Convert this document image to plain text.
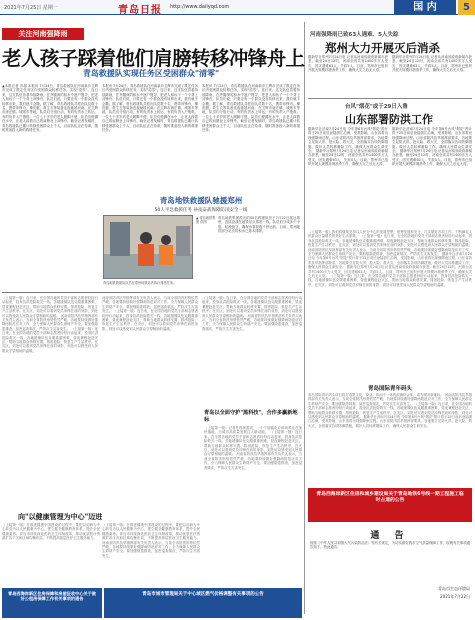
2021年7月25日 星期一	青岛日报 http://www.dailyqd.com	国 内	5
关注河南强降雨
老人孩子踩着他们肩膀转移冲锋舟上
青岛救援队实现任务区受困群众"清零"
▲本报记者 冯超 本报讯 7月24日，青岛救援队在河南新乡卫辉市完成了既定任务区内受困群众转移任务，实现"清零"。连日来，这支队伍冒着持续降雨，在齐腰深的积水中逐户搜寻，把老人和孩子一个个背上冲锋舟。队员们说，只要还有一个群众没有转移出来，我们就不会撤。据了解，青岛救援队共派出队员数十名，携带冲锋舟、橡皮艇、救生衣等装备连夜驰援河南。在卫辉市唐庄镇、城郊乡等地，队员们分组行动，有的负责水上转运，有的负责入户搜救。一位七十多岁的老人腿脚不便，队员们便蹲在水中，让老人踩着自己的肩膀登上冲锋舟。截至记者发稿时，青岛救援队已累计转移受困群众上千人，目前队伍正在待命，随时准备投入新的救援任务。
本报讯 7月24日，青岛救援队在河南新乡卫辉市完成了既定任务区内受困群众转移任务，实现"清零"。连日来，这支队伍冒着持续降雨，在齐腰深的积水中逐户搜寻，把老人和孩子一个个背上冲锋舟。队员们说，只要还有一个群众没有转移出来，我们就不会撤。据了解，青岛救援队共派出队员数十名，携带冲锋舟、橡皮艇、救生衣等装备连夜驰援河南。在卫辉市唐庄镇、城郊乡等地，队员们分组行动，有的负责水上转运，有的负责入户搜救。一位七十多岁的老人腿脚不便，队员们便蹲在水中，让老人踩着自己的肩膀登上冲锋舟。截至记者发稿时，青岛救援队已累计转移受困群众上千人，目前队伍正在待命，随时准备投入新的救援任务。
本报讯 7月24日，青岛救援队在河南新乡卫辉市完成了既定任务区内受困群众转移任务，实现"清零"。连日来，这支队伍冒着持续降雨，在齐腰深的积水中逐户搜寻，把老人和孩子一个个背上冲锋舟。队员们说，只要还有一个群众没有转移出来，我们就不会撤。据了解，青岛救援队共派出队员数十名，携带冲锋舟、橡皮艇、救生衣等装备连夜驰援河南。在卫辉市唐庄镇、城郊乡等地，队员们分组行动，有的负责水上转运，有的负责入户搜救。一位七十多岁的老人腿脚不便，队员们便蹲在水中，让老人踩着自己的肩膀登上冲锋舟。截至记者发稿时，青岛救援队已累计转移受困群众上千人，目前队伍正在待命，随时准备投入新的救援任务。
青岛地铁救援队驰援郑州
50人平急救援任务 昼夜奋战保障防汛安全一线
▲ 青岛地铁集团 供图
青岛地铁集团派出的50名救援队员于7月22日抵达郑州，连续奋战在地铁站点排涝一线。队员们分成多个小组，轮流值守，确保水泵昼夜不停运转。目前，郑州地铁部分站点的积水已基本排除。
青岛地铁救援队队员在郑州地铁站内执行排涝任务。
（上接第一版）连日来，在全国各地的党员干部和志愿者纷纷行动起来，投身抗洪抢险救灾一线。各地援豫队伍克服重重困难，昼夜兼程赶赴灾区，帮助当地群众转移安置、排涝抢险、恢复生产生活秩序。在灾区，到处可以看到党员冲锋在前的身影，到处可以感受到人民群众守望相助的温暖。 河南省防汛抗旱指挥部有关负责人表示，当前全省防汛形势依然严峻，各地要持续做好强降雨防范应对工作，全力保障人民群众生命财产安全。要加强隐患排查，加密巡查频次，严防次生灾害发生。 （上接第一版）连日来，在全国各地的党员干部和志愿者纷纷行动起来，投身抗洪抢险救灾一线。各地援豫队伍克服重重困难，昼夜兼程赶赴灾区，帮助当地群众转移安置、排涝抢险、恢复生产生活秩序。在灾区，到处可以看到党员冲锋在前的身影，到处可以感受到人民群众守望相助的温暖。
河南省防汛抗旱指挥部有关负责人表示，当前全省防汛形势依然严峻，各地要持续做好强降雨防范应对工作，全力保障人民群众生命财产安全。要加强隐患排查，加密巡查频次，严防次生灾害发生。 （上接第一版）连日来，在全国各地的党员干部和志愿者纷纷行动起来，投身抗洪抢险救灾一线。各地援豫队伍克服重重困难，昼夜兼程赶赴灾区，帮助当地群众转移安置、排涝抢险、恢复生产生活秩序。在灾区，到处可以看到党员冲锋在前的身影，到处可以感受到人民群众守望相助的温暖。
（上接第一版）连日来，在全国各地的党员干部和志愿者纷纷行动起来，投身抗洪抢险救灾一线。各地援豫队伍克服重重困难，昼夜兼程赶赴灾区，帮助当地群众转移安置、排涝抢险、恢复生产生活秩序。在灾区，到处可以看到党员冲锋在前的身影，到处可以感受到人民群众守望相助的温暖。 河南省防汛抗旱指挥部有关负责人表示，当前全省防汛形势依然严峻，各地要持续做好强降雨防范应对工作，全力保障人民群众生命财产安全。要加强隐患排查，加密巡查频次，严防次生灾害发生。
向"以健康管理为中心"迈进
（上接第一版）在推进健康中国建设的过程中，要把以治病为中心转变为以人民健康为中心，建立健全健康教育体系，提升全民健康素养。青岛市持续深化医药卫生体制改革，推动优质医疗资源扩容下沉和区域均衡布局，不断提高基层医疗卫生服务能力。
（上接第一版）在推进健康中国建设的过程中，要把以治病为中心转变为以人民健康为中心，建立健全健康教育体系，提升全民健康素养。青岛市持续深化医药卫生体制改革，推动优质医疗资源扩容下沉和区域均衡布局，不断提高基层医疗卫生服务能力。 河南省防汛抗旱指挥部有关负责人表示，当前全省防汛形势依然严峻，各地要持续做好强降雨防范应对工作，全力保障人民群众生命财产安全。要加强隐患排查，加密巡查频次，严防次生灾害发生。
青岛以全面守护"黑科技"，合作多赢新地标
（上接第一版）记者在现场看到，一个个智能化应用场景正在加快落地，为城市高质量发展注入新动能。 （上接第一版）连日来，在全国各地的党员干部和志愿者纷纷行动起来，投身抗洪抢险救灾一线。各地援豫队伍克服重重困难，昼夜兼程赶赴灾区，帮助当地群众转移安置、排涝抢险、恢复生产生活秩序。在灾区，到处可以看到党员冲锋在前的身影，到处可以感受到人民群众守望相助的温暖。 河南省防汛抗旱指挥部有关负责人表示，当前全省防汛形势依然严峻，各地要持续做好强降雨防范应对工作，全力保障人民群众生命财产安全。要加强隐患排查，加密巡查频次，严防次生灾害发生。
青岛西海岸新区住房保障和房屋征收中心关于做好公租房保障工作有关事项的通告
青岛市城市管理局关于中心城区燃气价格调整有关事项的公告
河南强降雨已致63人遇难、5人失踪
郑州大力开展灭后消杀
据新华社郑州7月24日电 记者从河南省政府新闻办获悉，截至24日12时，河南全省共有1400多万人受灾，因灾遇难63人，失踪5人。目前，郑州市已组织开展大规模环境消杀工作，确保大灾之后无大疫。
据新华社郑州7月24日电 记者从河南省政府新闻办获悉，截至24日12时，河南全省共有1400多万人受灾，因灾遇难63人，失踪5人。目前，郑州市已组织开展大规模环境消杀工作，确保大灾之后无大疫。
台风"烟花"或于29日入鲁
山东部署防洪工作
据新华社济南7月24日电 今年第6号台风"烟花"预计将于25日前后登陆浙江沿海，受其影响，山东省将出现强降雨过程。山东省防汛抗旱指挥部要求，各地要立足防大汛、抢大险、救大灾，全面落实各项防御措施，做好人员转移避险工作，确保人民群众生命安全。 据新华社郑州7月24日电 记者从河南省政府新闻办获悉，截至24日12时，河南全省共有1400多万人受灾，因灾遇难63人，失踪5人。目前，郑州市已组织开展大规模环境消杀工作，确保大灾之后无大疫。
据新华社济南7月24日电 今年第6号台风"烟花"预计将于25日前后登陆浙江沿海，受其影响，山东省将出现强降雨过程。山东省防汛抗旱指挥部要求，各地要立足防大汛、抢大险、救大灾，全面落实各项防御措施，做好人员转移避险工作，确保人民群众生命安全。 据新华社郑州7月24日电 记者从河南省政府新闻办获悉，截至24日12时，河南全省共有1400多万人受灾，因灾遇难63人，失踪5人。目前，郑州市已组织开展大规模环境消杀工作，确保大灾之后无大疫。
（上接第一版）我们将继续坚持以人民为中心的发展思想，统筹发展和安全，扎实做好各项工作，不断满足人民群众日益增长的美好生活需要。 （上接第一版）连日来，在全国各地的党员干部和志愿者纷纷行动起来，投身抗洪抢险救灾一线。各地援豫队伍克服重重困难，昼夜兼程赶赴灾区，帮助当地群众转移安置、排涝抢险、恢复生产生活秩序。在灾区，到处可以看到党员冲锋在前的身影，到处可以感受到人民群众守望相助的温暖。 河南省防汛抗旱指挥部有关负责人表示，当前全省防汛形势依然严峻，各地要持续做好强降雨防范应对工作，全力保障人民群众生命财产安全。要加强隐患排查，加密巡查频次，严防次生灾害发生。 据新华社济南7月24日电 今年第6号台风"烟花"预计将于25日前后登陆浙江沿海，受其影响，山东省将出现强降雨过程。山东省防汛抗旱指挥部要求，各地要立足防大汛、抢大险、救大灾，全面落实各项防御措施，做好人员转移避险工作，确保人民群众生命安全。 据新华社郑州7月24日电 记者从河南省政府新闻办获悉，截至24日12时，河南全省共有1400多万人受灾，因灾遇难63人，失踪5人。目前，郑州市已组织开展大规模环境消杀工作，确保大灾之后无大疫。 （上接第一版）连日来，在全国各地的党员干部和志愿者纷纷行动起来，投身抗洪抢险救灾一线。各地援豫队伍克服重重困难，昼夜兼程赶赴灾区，帮助当地群众转移安置、排涝抢险、恢复生产生活秩序。在灾区，到处可以看到党员冲锋在前的身影，到处可以感受到人民群众守望相助的温暖。
青岛国际青年码头
青岛国际青年码头项目将打造集文化、商业、休闲于一体的滨海综合体，成为城市新地标。 河南省防汛抗旱指挥部有关负责人表示，当前全省防汛形势依然严峻，各地要持续做好强降雨防范应对工作，全力保障人民群众生命财产安全。要加强隐患排查，加密巡查频次，严防次生灾害发生。 （上接第一版）连日来，在全国各地的党员干部和志愿者纷纷行动起来，投身抗洪抢险救灾一线。各地援豫队伍克服重重困难，昼夜兼程赶赴灾区，帮助当地群众转移安置、排涝抢险、恢复生产生活秩序。在灾区，到处可以看到党员冲锋在前的身影，到处可以感受到人民群众守望相助的温暖。 据新华社济南7月24日电 今年第6号台风"烟花"预计将于25日前后登陆浙江沿海，受其影响，山东省将出现强降雨过程。山东省防汛抗旱指挥部要求，各地要立足防大汛、抢大险、救大灾，全面落实各项防御措施，做好人员转移避险工作，确保人民群众生命安全。
青岛西海岸新区住房和城乡建设局关于青岛地铁6号线一期工程施工临时占道的公告
通 告
按照《中华人民共和国大气污染防治法》等有关规定，为切实做好我市空气质量保障工作，现就有关事项通告如下。特此通告。
青岛市生态环境局
2021年7月22日
